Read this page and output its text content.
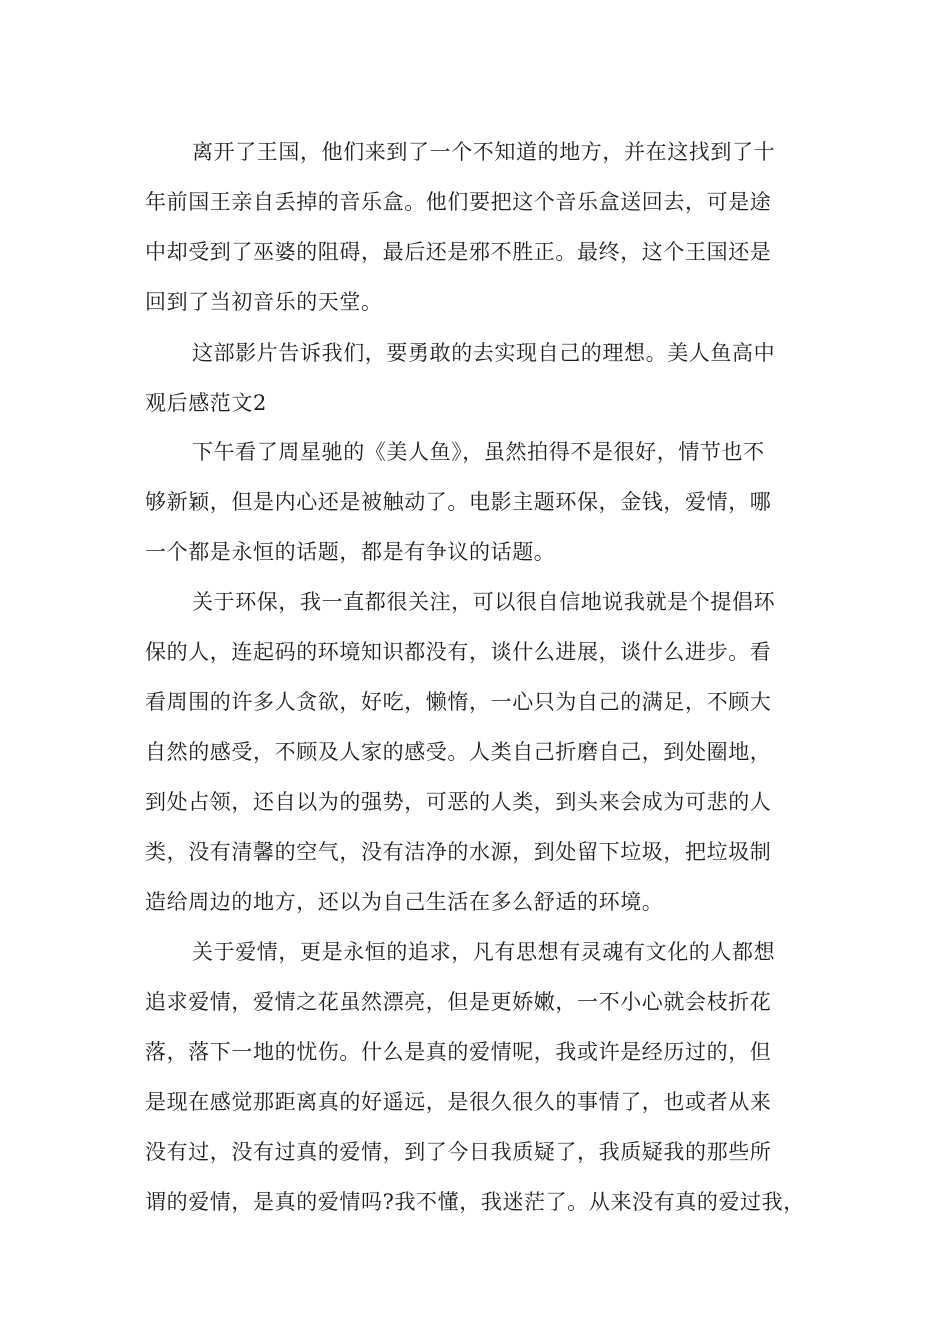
离开了王国，他们来到了一个不知道的地方，并在这找到了十
年前国王亲自丢掉的音乐盒。他们要把这个音乐盒送回去，可是途
中却受到了巫婆的阻碍，最后还是邪不胜正。最终，这个王国还是
回到了当初音乐的天堂。
这部影片告诉我们，要勇敢的去实现自己的理想。美人鱼高中
观后感范文2
下午看了周星驰的《美人鱼》，虽然拍得不是很好，情节也不
够新颖，但是内心还是被触动了。电影主题环保，金钱，爱情，哪
一个都是永恒的话题，都是有争议的话题。
关于环保，我一直都很关注，可以很自信地说我就是个提倡环
保的人，连起码的环境知识都没有，谈什么进展，谈什么进步。看
看周围的许多人贪欲，好吃，懒惰，一心只为自己的满足，不顾大
自然的感受，不顾及人家的感受。人类自己折磨自己，到处圈地，
到处占领，还自以为的强势，可恶的人类，到头来会成为可悲的人
类，没有清馨的空气，没有洁净的水源，到处留下垃圾，把垃圾制
造给周边的地方，还以为自己生活在多么舒适的环境。
关于爱情，更是永恒的追求，凡有思想有灵魂有文化的人都想
追求爱情，爱情之花虽然漂亮，但是更娇嫩，一不小心就会枝折花
落，落下一地的忧伤。什么是真的爱情呢，我或许是经历过的，但
是现在感觉那距离真的好遥远，是很久很久的事情了，也或者从来
没有过，没有过真的爱情，到了今日我质疑了，我质疑我的那些所
谓的爱情，是真的爱情吗?我不懂，我迷茫了。从来没有真的爱过我，
